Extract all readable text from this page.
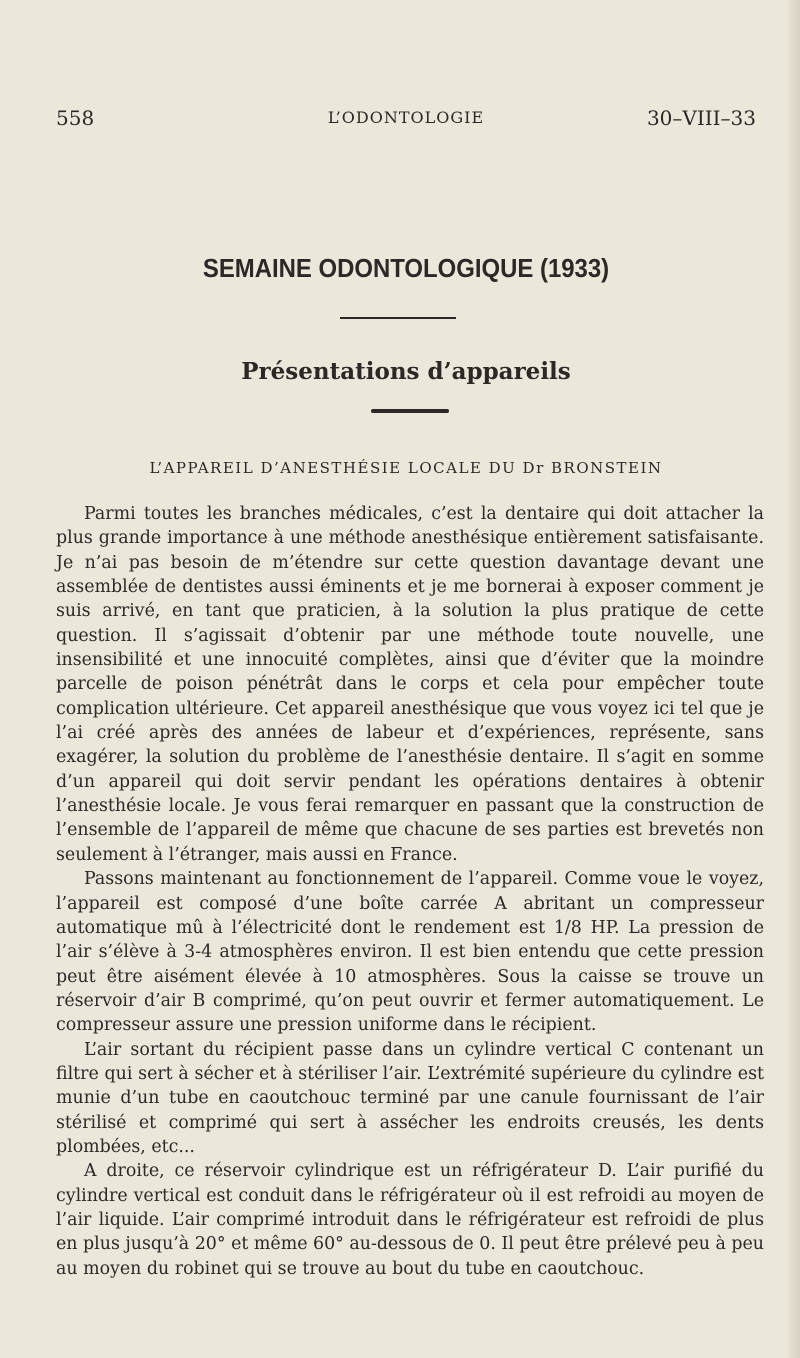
558	L’ODONTOLOGIE	30–VIII–33
SEMAINE ODONTOLOGIQUE (1933)
Présentations d’appareils
L’APPAREIL D’ANESTHÉSIE LOCALE DU Dr BRONSTEIN

Parmi toutes les branches médicales, c’est la dentaire qui doit attacher la plus grande importance à une méthode anesthésique entièrement satisfaisante. Je n’ai pas besoin de m’étendre sur cette question davantage devant une assemblée de dentistes aussi éminents et je me bornerai à exposer comment je suis arrivé, en tant que praticien, à la solution la plus pratique de cette question. Il s’agissait d’obtenir par une méthode toute nouvelle, une insensibilité et une innocuité complètes, ainsi que d’éviter que la moindre parcelle de poison pénétrât dans le corps et cela pour empêcher toute complication ultérieure. Cet appareil anesthésique que vous voyez ici tel que je l’ai créé après des années de labeur et d’expériences, représente, sans exagérer, la solution du problème de l’anesthésie dentaire. Il s’agit en somme d’un appareil qui doit servir pendant les opérations dentaires à obtenir l’anesthésie locale. Je vous ferai remarquer en passant que la construction de l’ensemble de l’appareil de même que chacune de ses parties est brevetés non seulement à l’étranger, mais aussi en France.

Passons maintenant au fonctionnement de l’appareil. Comme voue le voyez, l’appareil est composé d’une boîte carrée A abritant un compresseur automatique mû à l’électricité dont le rendement est 1/8 HP. La pression de l’air s’élève à 3-4 atmosphères environ. Il est bien entendu que cette pression peut être aisément élevée à 10 atmosphères. Sous la caisse se trouve un réservoir d’air B comprimé, qu’on peut ouvrir et fermer automatiquement. Le compresseur assure une pression uniforme dans le récipient.

L’air sortant du récipient passe dans un cylindre vertical C contenant un filtre qui sert à sécher et à stériliser l’air. L’extrémité supérieure du cylindre est munie d’un tube en caoutchouc terminé par une canule fournissant de l’air stérilisé et comprimé qui sert à assécher les endroits creusés, les dents plombées, etc...

A droite, ce réservoir cylindrique est un réfrigérateur D. L’air purifié du cylindre vertical est conduit dans le réfrigérateur où il est refroidi au moyen de l’air liquide. L’air comprimé introduit dans le réfrigérateur est refroidi de plus en plus jusqu’à 20° et même 60° au-dessous de 0. Il peut être prélevé peu à peu au moyen du robinet qui se trouve au bout du tube en caoutchouc.
